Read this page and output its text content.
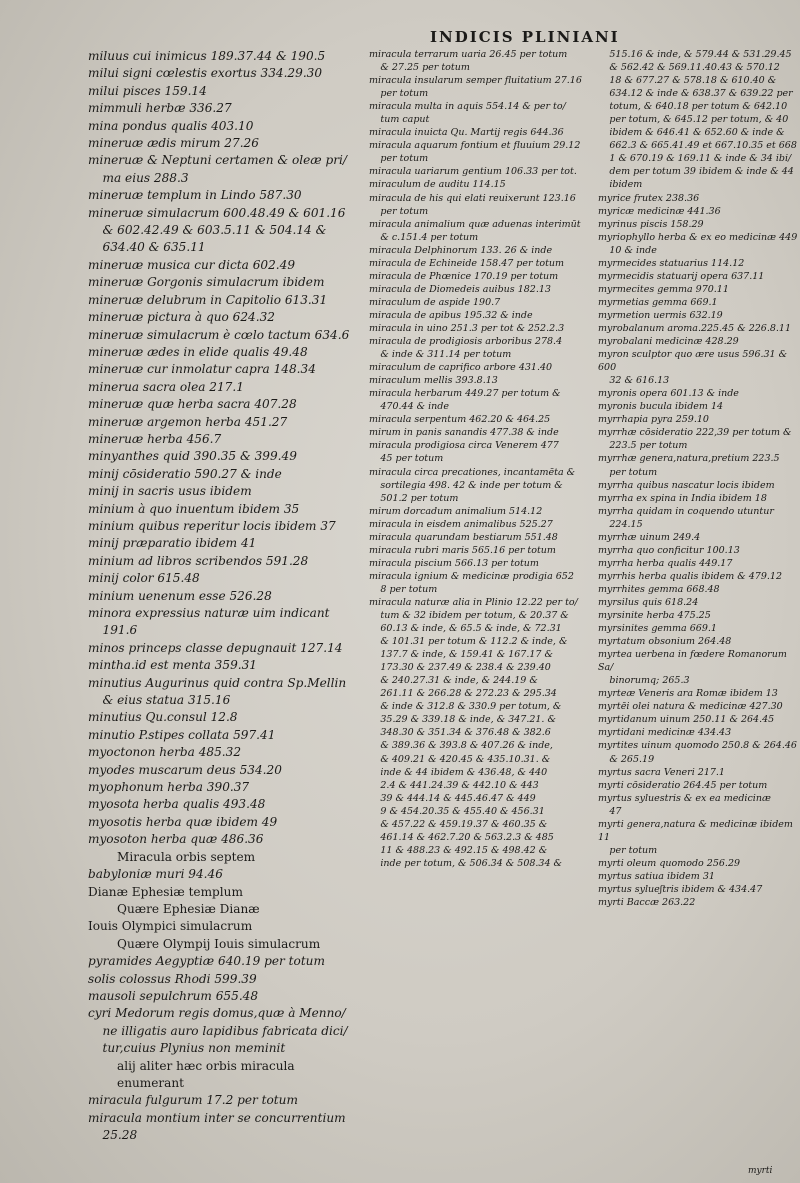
INDICIS PLINIANI

miluus cui inimicus 189.37.44 & 190.5

milui signi cœlestis exortus 334.29.30

milui pisces 159.14

mimmuli herbæ 336.27

mina pondus qualis 403.10

mineruæ ædis mirum 27.26

mineruæ & Neptuni certamen & oleæ pri/

ma eius 288.3

mineruæ templum in Lindo 587.30

mineruæ simulacrum 600.48.49 & 601.16

& 602.42.49 & 603.5.11 & 504.14 &

634.40 & 635.11

mineruæ musica cur dicta 602.49

mineruæ Gorgonis simulacrum ibidem

mineruæ delubrum in Capitolio 613.31

mineruæ pictura à quo 624.32

mineruæ simulacrum è cœlo tactum 634.6

mineruæ ædes in elide qualis 49.48

mineruæ cur inmolatur capra 148.34

minerua sacra olea 217.1

mineruæ quæ herba sacra 407.28

mineruæ argemon herba 451.27

mineruæ herba 456.7

minyanthes quid 390.35 & 399.49

minij cōsideratio 590.27 & inde

minij in sacris usus ibidem

minium à quo inuentum ibidem 35

minium quibus reperitur locis ibidem 37

minij præparatio ibidem 41

minium ad libros scribendos 591.28

minij color 615.48

minium uenenum esse 526.28

minora expressius naturæ uim indicant

191.6

minos princeps classe depugnauit 127.14

mintha.id est menta 359.31

minutius Augurinus quid contra Sp.Mellin

& eius statua 315.16

minutius Qu.consul 12.8

minutio P.stipes collata 597.41

myoctonon herba 485.32

myodes muscarum deus 534.20

myophonum herba 390.37

myosota herba qualis 493.48

myosotis herba quæ ibidem 49

myosoton herba quæ 486.36

Miracula orbis septem

babyloniæ muri 94.46

Dianæ Ephesiæ templum

Quære Ephesiæ Dianæ

Iouis Olympici simulacrum

Quære Olympij Iouis simulacrum

pyramides Aegyptiæ 640.19 per totum

solis colossus Rhodi 599.39

mausoli sepulchrum 655.48

cyri Medorum regis domus,quæ à Menno/

ne illigatis auro lapidibus fabricata dici/

tur,cuius Plynius non meminit

alij aliter hæc orbis miracula

enumerant

miracula fulgurum 17.2 per totum

miracula montium inter se concurrentium

25.28

miracula terrarum uaria 26.45 per totum

& 27.25 per totum

miracula insularum semper fluitatium 27.16

per totum

miracula multa in aquis 554.14 & per to/

tum caput

miracula inuicta Qu. Martij regis 644.36

miracula aquarum fontium et fluuium 29.12

per totum

miracula uariarum gentium 106.33 per tot.

miraculum de auditu 114.15

miracula de his qui elati reuixerunt 123.16

per totum

miracula animalium quæ aduenas interimūt

& c.151.4 per totum

miracula Delphinorum 133. 26 & inde

miracula de Echineide 158.47 per totum

miracula de Phœnice 170.19 per totum

miracula de Diomedeis auibus 182.13

miraculum de aspide 190.7

miracula de apibus 195.32 & inde

miracula in uino 251.3 per tot & 252.2.3

miracula de prodigiosis arboribus 278.4

& inde & 311.14 per totum

miraculum de caprifico arbore 431.40

miraculum mellis 393.8.13

miracula herbarum 449.27 per totum &

470.44 & inde

miracula serpentum 462.20 & 464.25

mirum in panis sanandis 477.38 & inde

miracula prodigiosa circa Venerem 477

45 per totum

miracula circa precationes, incantamēta &

sortilegia 498. 42 & inde per totum &

501.2 per totum

mirum dorcadum animalium 514.12

miracula in eisdem animalibus 525.27

miracula quarundam bestiarum 551.48

miracula rubri maris 565.16 per totum

miracula piscium 566.13 per totum

miracula ignium & medicinæ prodigia 652

8 per totum

miracula naturæ alia in Plinio 12.22 per to/

tum & 32 ibidem per totum, & 20.37 &

60.13 & inde, & 65.5 & inde, & 72.31

& 101.31 per totum & 112.2 & inde, &

137.7 & inde, & 159.41 & 167.17 &

173.30 & 237.49 & 238.4 & 239.40

& 240.27.31 & inde, & 244.19 &

261.11 & 266.28 & 272.23 & 295.34

& inde & 312.8 & 330.9 per totum, &

35.29 & 339.18 & inde, & 347.21. &

348.30 & 351.34 & 376.48 & 382.6

& 389.36 & 393.8 & 407.26 & inde,

& 409.21 & 420.45 & 435.10.31. &

inde & 44 ibidem & 436.48, & 440

2.4 & 441.24.39 & 442.10 & 443

39 & 444.14 & 445.46.47 & 449

9 & 454.20.35 & 455.40 & 456.31

& 457.22 & 459.19.37 & 460.35 &

461.14 & 462.7.20 & 563.2.3 & 485

11 & 488.23 & 492.15 & 498.42 &

inde per totum, & 506.34 & 508.34 &

515.16 & inde, & 579.44 & 531.29.45

& 562.42 & 569.11.40.43 & 570.12

18 & 677.27 & 578.18 & 610.40 &

634.12 & inde & 638.37 & 639.22 per

totum, & 640.18 per totum & 642.10

per totum, & 645.12 per totum, & 40

ibidem & 646.41 & 652.60 & inde &

662.3 & 665.41.49 et 667.10.35 et 668

1 & 670.19 & 169.11 & inde & 34 ibi/

dem per totum 39 ibidem & inde & 44

ibidem

myrice frutex 238.36

myricæ medicinæ 441.36

myrinus piscis 158.29

myriophyllo herba & ex eo medicinæ 449

10 & inde

myrmecides statuarius 114.12

myrmecidis statuarij opera 637.11

myrmecites gemma 970.11

myrmetias gemma 669.1

myrmetion uermis 632.19

myrobalanum aroma.225.45 & 226.8.11

myrobalani medicinæ 428.29

myron sculptor quo ære usus 596.31 & 600

32 & 616.13

myronis opera 601.13 & inde

myronis bucula ibidem 14

myrrhapia pyra 259.10

myrrhæ cōsideratio 222,39 per totum &

223.5 per totum

myrrhæ genera,natura,pretium 223.5

per totum

myrrha quibus nascatur locis ibidem

myrrha ex spina in India ibidem 18

myrrha quidam in coquendo utuntur

224.15

myrrhæ uinum 249.4

myrrha quo conficitur 100.13

myrrha herba qualis 449.17

myrrhis herba qualis ibidem & 479.12

myrrhites gemma 668.48

myrsilus quis 618.24

myrsinite herba 475.25

myrsinites gemma 669.1

myrtatum obsonium 264.48

myrtea uerbena in fœdere Romanorum Sa/

binorumq; 265.3

myrteæ Veneris ara Romæ ibidem 13

myrtēi olei natura & medicinæ 427.30

myrtidanum uinum 250.11 & 264.45

myrtidani medicinæ 434.43

myrtites uinum quomodo 250.8 & 264.46

& 265.19

myrtus sacra Veneri 217.1

myrti cōsideratio 264.45 per totum

myrtus syluestris & ex ea medicinæ

47

myrti genera,natura & medicinæ ibidem 11

per totum

myrti oleum quomodo 256.29

myrtus satiua ibidem 31

myrtus sylueʃtris ibidem & 434.47

myrti Baccæ 263.22

myrti
